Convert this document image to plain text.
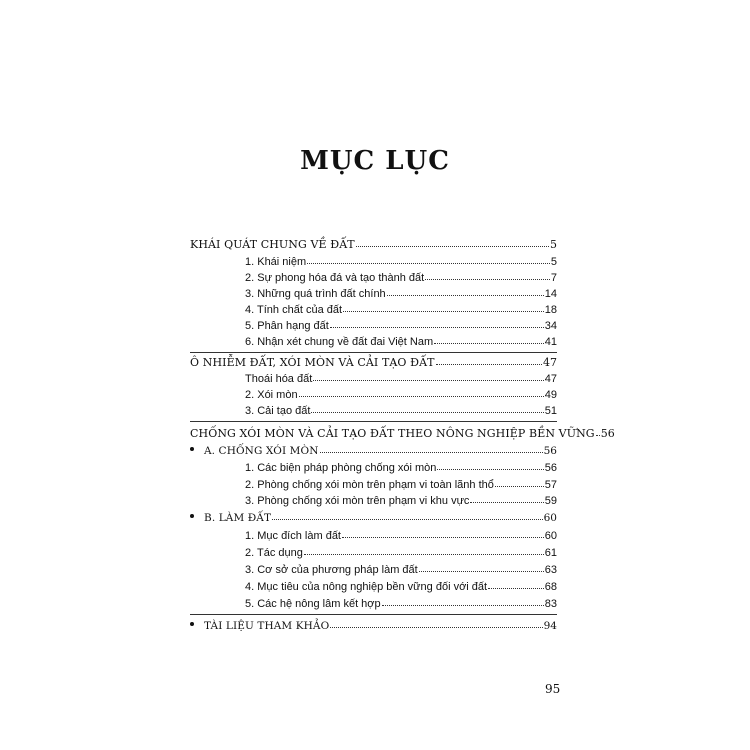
MỤC LỤC
KHÁI QUÁT CHUNG VỀ ĐẤT	5
1. Khái niệm	5
2. Sự phong hóa đá và tạo thành đất	7
3. Những quá trình đất chính	14
4. Tính chất của đất	18
5. Phân hạng đất	34
6. Nhận xét chung về đất đai Việt Nam	41
Ô NHIỄM ĐẤT, XÓI MÒN VÀ CẢI TẠO ĐẤT	47
Thoái hóa đất	47
2. Xói mòn	49
3. Cải tạo đất	51
CHỐNG XÓI MÒN VÀ CẢI TẠO ĐẤT THEO NÔNG NGHIỆP BỀN VỮNG 56
A. CHỐNG XÓI MÒN	56
1. Các biện pháp phòng chống xói mòn	56
2. Phòng chống xói mòn trên phạm vi toàn lãnh thổ	57
3. Phòng chống xói mòn trên phạm vi khu vực	59
B. LÀM ĐẤT	60
1. Mục đích làm đất	60
2. Tác dụng	61
3. Cơ sở của phương pháp làm đất	63
4. Mục tiêu của nông nghiệp bền vững đối với đất	68
5. Các hệ nông lâm kết hợp	83
TÀI LIỆU THAM KHẢO	94
95
